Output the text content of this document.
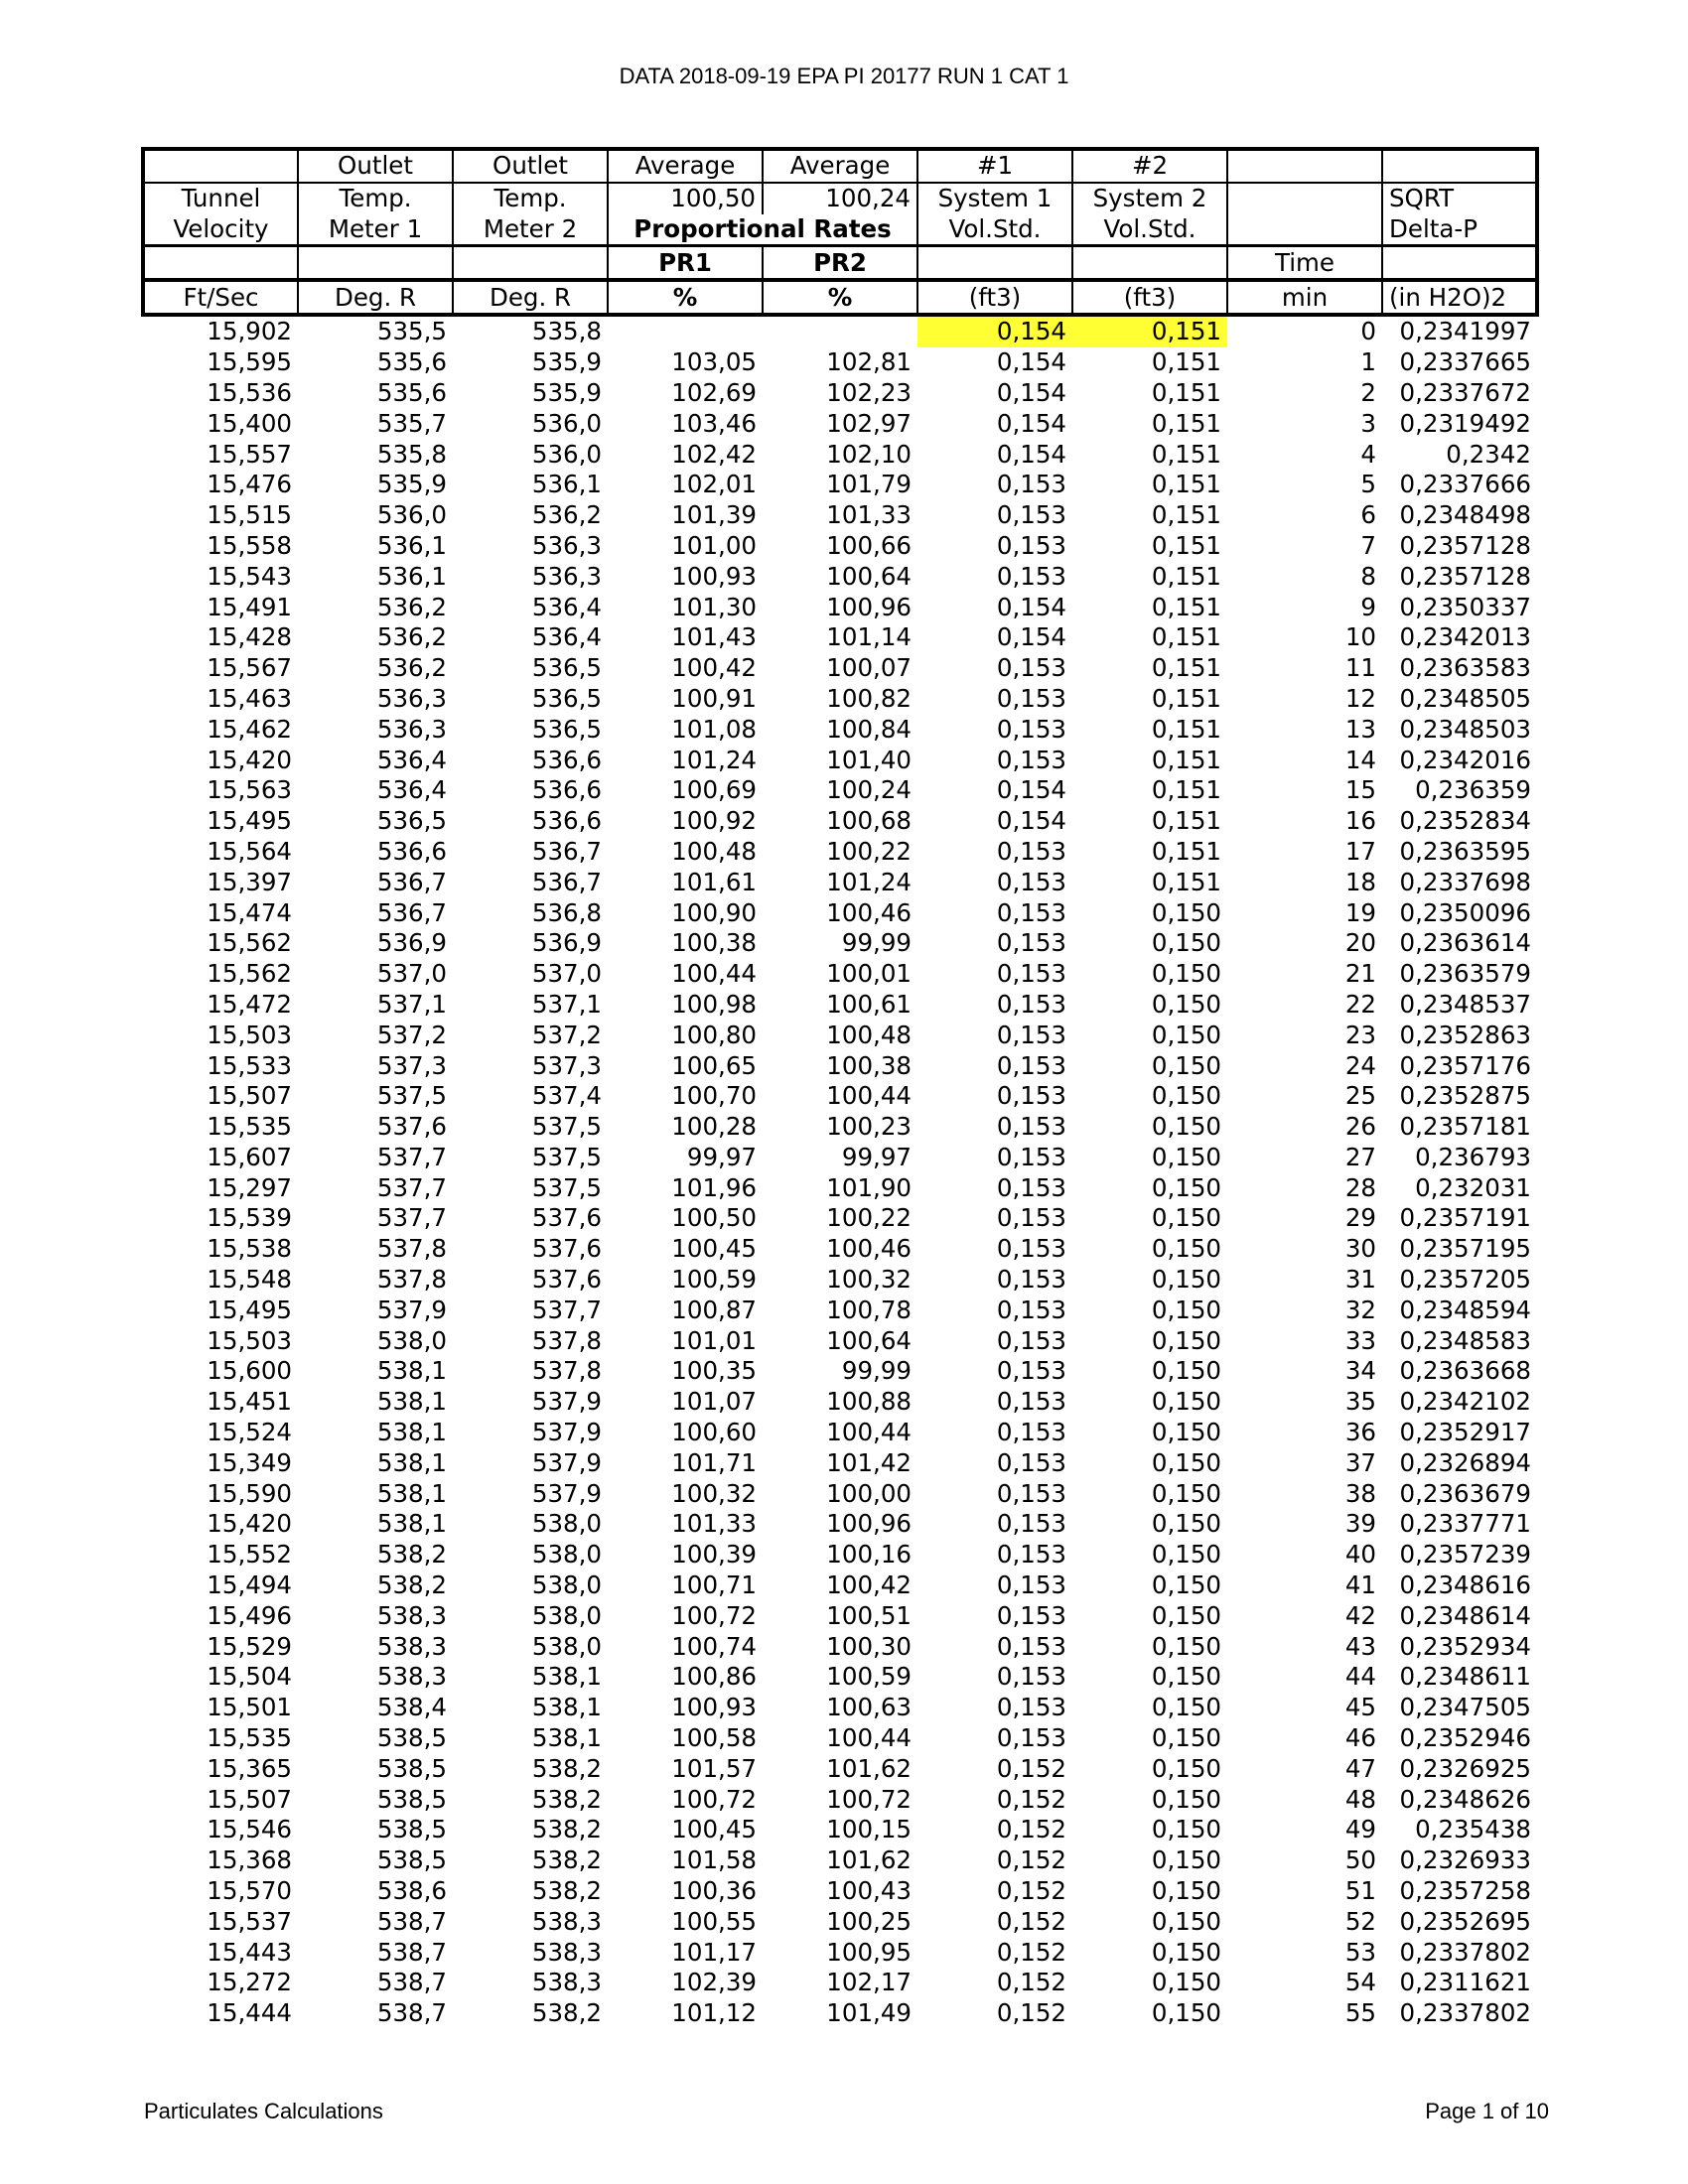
DATA 2018-09-19 EPA PI 20177 RUN 1 CAT 1
	Outlet	Outlet	Average	Average	#1	#2		
Tunnel	Temp.	Temp.	100,50	100,24	System 1	System 2		SQRT
Velocity	Meter 1	Meter 2	Proportional Rates		Vol.Std.	Vol.Std.		Delta-P
			PR1	PR2			Time	
Ft/Sec	Deg. R	Deg. R	%	%	(ft3)	(ft3)	min	(in H2O)2
15,902	535,5	535,8			0,154	0,151	0	0,2341997
15,595	535,6	535,9	103,05	102,81	0,154	0,151	1	0,2337665
15,536	535,6	535,9	102,69	102,23	0,154	0,151	2	0,2337672
15,400	535,7	536,0	103,46	102,97	0,154	0,151	3	0,2319492
15,557	535,8	536,0	102,42	102,10	0,154	0,151	4	0,2342
15,476	535,9	536,1	102,01	101,79	0,153	0,151	5	0,2337666
15,515	536,0	536,2	101,39	101,33	0,153	0,151	6	0,2348498
15,558	536,1	536,3	101,00	100,66	0,153	0,151	7	0,2357128
15,543	536,1	536,3	100,93	100,64	0,153	0,151	8	0,2357128
15,491	536,2	536,4	101,30	100,96	0,154	0,151	9	0,2350337
15,428	536,2	536,4	101,43	101,14	0,154	0,151	10	0,2342013
15,567	536,2	536,5	100,42	100,07	0,153	0,151	11	0,2363583
15,463	536,3	536,5	100,91	100,82	0,153	0,151	12	0,2348505
15,462	536,3	536,5	101,08	100,84	0,153	0,151	13	0,2348503
15,420	536,4	536,6	101,24	101,40	0,153	0,151	14	0,2342016
15,563	536,4	536,6	100,69	100,24	0,154	0,151	15	0,236359
15,495	536,5	536,6	100,92	100,68	0,154	0,151	16	0,2352834
15,564	536,6	536,7	100,48	100,22	0,153	0,151	17	0,2363595
15,397	536,7	536,7	101,61	101,24	0,153	0,151	18	0,2337698
15,474	536,7	536,8	100,90	100,46	0,153	0,150	19	0,2350096
15,562	536,9	536,9	100,38	99,99	0,153	0,150	20	0,2363614
15,562	537,0	537,0	100,44	100,01	0,153	0,150	21	0,2363579
15,472	537,1	537,1	100,98	100,61	0,153	0,150	22	0,2348537
15,503	537,2	537,2	100,80	100,48	0,153	0,150	23	0,2352863
15,533	537,3	537,3	100,65	100,38	0,153	0,150	24	0,2357176
15,507	537,5	537,4	100,70	100,44	0,153	0,150	25	0,2352875
15,535	537,6	537,5	100,28	100,23	0,153	0,150	26	0,2357181
15,607	537,7	537,5	99,97	99,97	0,153	0,150	27	0,236793
15,297	537,7	537,5	101,96	101,90	0,153	0,150	28	0,232031
15,539	537,7	537,6	100,50	100,22	0,153	0,150	29	0,2357191
15,538	537,8	537,6	100,45	100,46	0,153	0,150	30	0,2357195
15,548	537,8	537,6	100,59	100,32	0,153	0,150	31	0,2357205
15,495	537,9	537,7	100,87	100,78	0,153	0,150	32	0,2348594
15,503	538,0	537,8	101,01	100,64	0,153	0,150	33	0,2348583
15,600	538,1	537,8	100,35	99,99	0,153	0,150	34	0,2363668
15,451	538,1	537,9	101,07	100,88	0,153	0,150	35	0,2342102
15,524	538,1	537,9	100,60	100,44	0,153	0,150	36	0,2352917
15,349	538,1	537,9	101,71	101,42	0,153	0,150	37	0,2326894
15,590	538,1	537,9	100,32	100,00	0,153	0,150	38	0,2363679
15,420	538,1	538,0	101,33	100,96	0,153	0,150	39	0,2337771
15,552	538,2	538,0	100,39	100,16	0,153	0,150	40	0,2357239
15,494	538,2	538,0	100,71	100,42	0,153	0,150	41	0,2348616
15,496	538,3	538,0	100,72	100,51	0,153	0,150	42	0,2348614
15,529	538,3	538,0	100,74	100,30	0,153	0,150	43	0,2352934
15,504	538,3	538,1	100,86	100,59	0,153	0,150	44	0,2348611
15,501	538,4	538,1	100,93	100,63	0,153	0,150	45	0,2347505
15,535	538,5	538,1	100,58	100,44	0,153	0,150	46	0,2352946
15,365	538,5	538,2	101,57	101,62	0,152	0,150	47	0,2326925
15,507	538,5	538,2	100,72	100,72	0,152	0,150	48	0,2348626
15,546	538,5	538,2	100,45	100,15	0,152	0,150	49	0,235438
15,368	538,5	538,2	101,58	101,62	0,152	0,150	50	0,2326933
15,570	538,6	538,2	100,36	100,43	0,152	0,150	51	0,2357258
15,537	538,7	538,3	100,55	100,25	0,152	0,150	52	0,2352695
15,443	538,7	538,3	101,17	100,95	0,152	0,150	53	0,2337802
15,272	538,7	538,3	102,39	102,17	0,152	0,150	54	0,2311621
15,444	538,7	538,2	101,12	101,49	0,152	0,150	55	0,2337802
Particulates Calculations	Page 1 of 10
